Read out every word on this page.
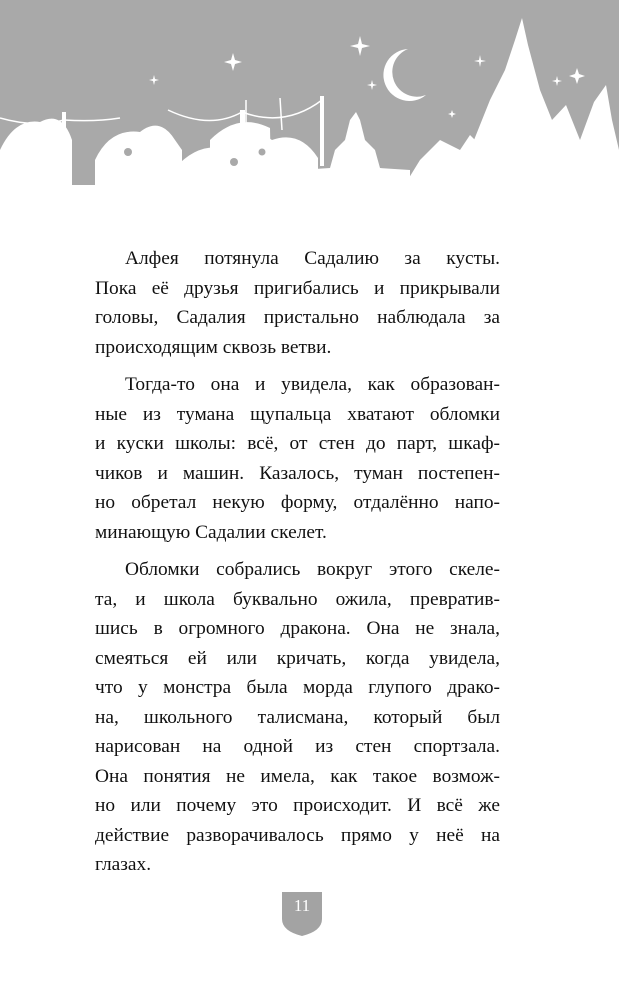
Алфея потянула Садалию за кусты.
Пока её друзья пригибались и прикрывали
головы, Садалия пристально наблюдала за
происходящим сквозь ветви.
Тогда-то она и увидела, как образован-
ные из тумана щупальца хватают обломки
и куски школы: всё, от стен до парт, шкаф-
чиков и машин. Казалось, туман постепен-
но обретал некую форму, отдалённо напо-
минающую Садалии скелет.
Обломки собрались вокруг этого скеле-
та, и школа буквально ожила, превратив-
шись в огромного дракона. Она не знала,
смеяться ей или кричать, когда увидела,
что у монстра была морда глупого драко-
на, школьного талисмана, который был
нарисован на одной из стен спортзала.
Она понятия не имела, как такое возмож-
но или почему это происходит. И всё же
действие разворачивалось прямо у неё на
глазах.
11
